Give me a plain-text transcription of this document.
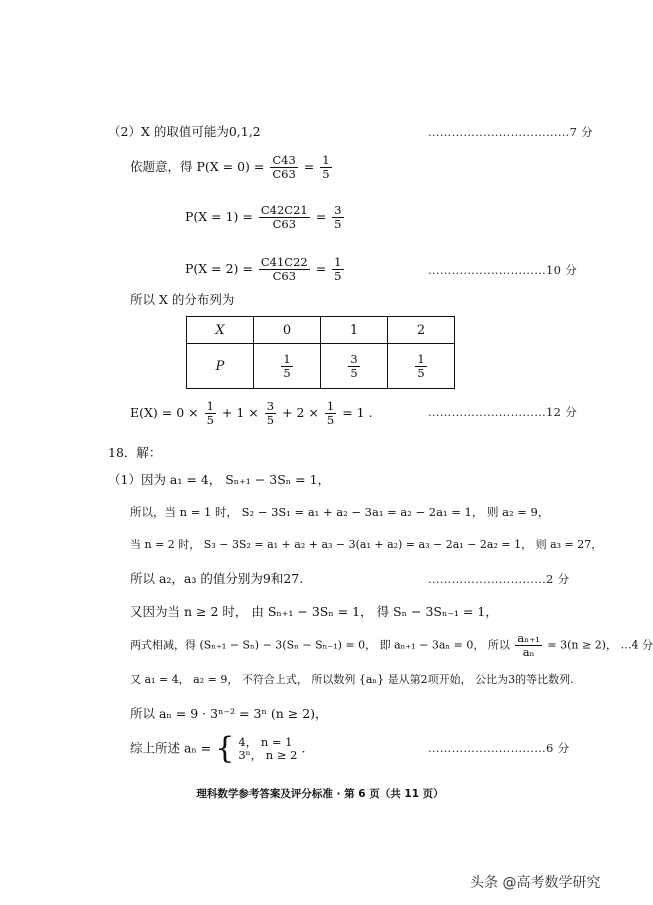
（2）X 的取值可能为0,1,2	………………………………7 分
依题意，得 $P(X = 0) = \frac{C43}{C63} = \frac{1}{5}$
$P(X = 1) = \frac{C42C21}{C63} = \frac{3}{5}$
$P(X = 2) = \frac{C41C22}{C63} = \frac{1}{5}$	…………………………10 分
所以 X 的分布列为
X	0	1	2
P	$\frac{1}{5}$	$\frac{3}{5}$	$\frac{1}{5}$
$E(X) = 0 \times \frac{1}{5} + 1 \times \frac{3}{5} + 2 \times \frac{1}{5} = 1$ .	…………………………12 分
18．解：
（1）因为 a₁ = 4， Sₙ₊₁ − 3Sₙ = 1，
所以，当 n = 1 时， S₂ − 3S₁ = a₁ + a₂ − 3a₁ = a₂ − 2a₁ = 1， 则 a₂ = 9，
当 n = 2 时， S₃ − 3S₂ = a₁ + a₂ + a₃ − 3(a₁ + a₂) = a₃ − 2a₁ − 2a₂ = 1， 则 a₃ = 27，
所以 a₂，a₃ 的值分别为9和27.	…………………………2 分
又因为当 n ≥ 2 时， 由 Sₙ₊₁ − 3Sₙ = 1， 得 Sₙ − 3Sₙ₋₁ = 1，
两式相减，得 (Sₙ₊₁ − Sₙ) − 3(Sₙ − Sₙ₋₁) = 0， 即 aₙ₊₁ − 3aₙ = 0， 所以 $\frac{\text{aₙ₊₁}}{\text{aₙ}} = 3(n \ge 2)$， …4 分
又 a₁ = 4， a₂ = 9， 不符合上式， 所以数列 {aₙ} 是从第2项开始， 公比为3的等比数列.
所以 aₙ = 9 · 3ⁿ⁻² = 3ⁿ (n ≥ 2)，
综上所述 aₙ = { 4， n = 1
3ⁿ， n ≥ 2 .	…………………………6 分
理科数学参考答案及评分标准 · 第 6 页（共 11 页）
头条 @高考数学研究
